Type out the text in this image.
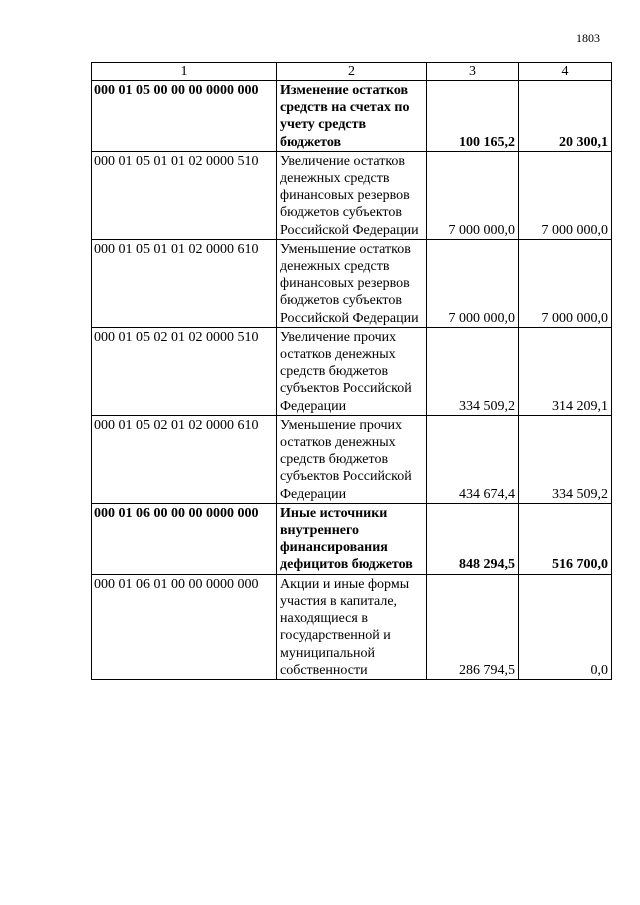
1803
1	2	3	4
000 01 05 00 00 00 0000 000	Изменение остатков средств на счетах по учету средств бюджетов	100 165,2	20 300,1
000 01 05 01 01 02 0000 510	Увеличение остатков денежных средств финансовых резервов бюджетов субъектов Российской Федерации	7 000 000,0	7 000 000,0
000 01 05 01 01 02 0000 610	Уменьшение остатков денежных средств финансовых резервов бюджетов субъектов Российской Федерации	7 000 000,0	7 000 000,0
000 01 05 02 01 02 0000 510	Увеличение прочих остатков денежных средств бюджетов субъектов Российской Федерации	334 509,2	314 209,1
000 01 05 02 01 02 0000 610	Уменьшение прочих остатков денежных средств бюджетов субъектов Российской Федерации	434 674,4	334 509,2
000 01 06 00 00 00 0000 000	Иные источники внутреннего финансирования дефицитов бюджетов	848 294,5	516 700,0
000 01 06 01 00 00 0000 000	Акции и иные формы участия в капитале, находящиеся в государственной и муниципальной собственности	286 794,5	0,0
